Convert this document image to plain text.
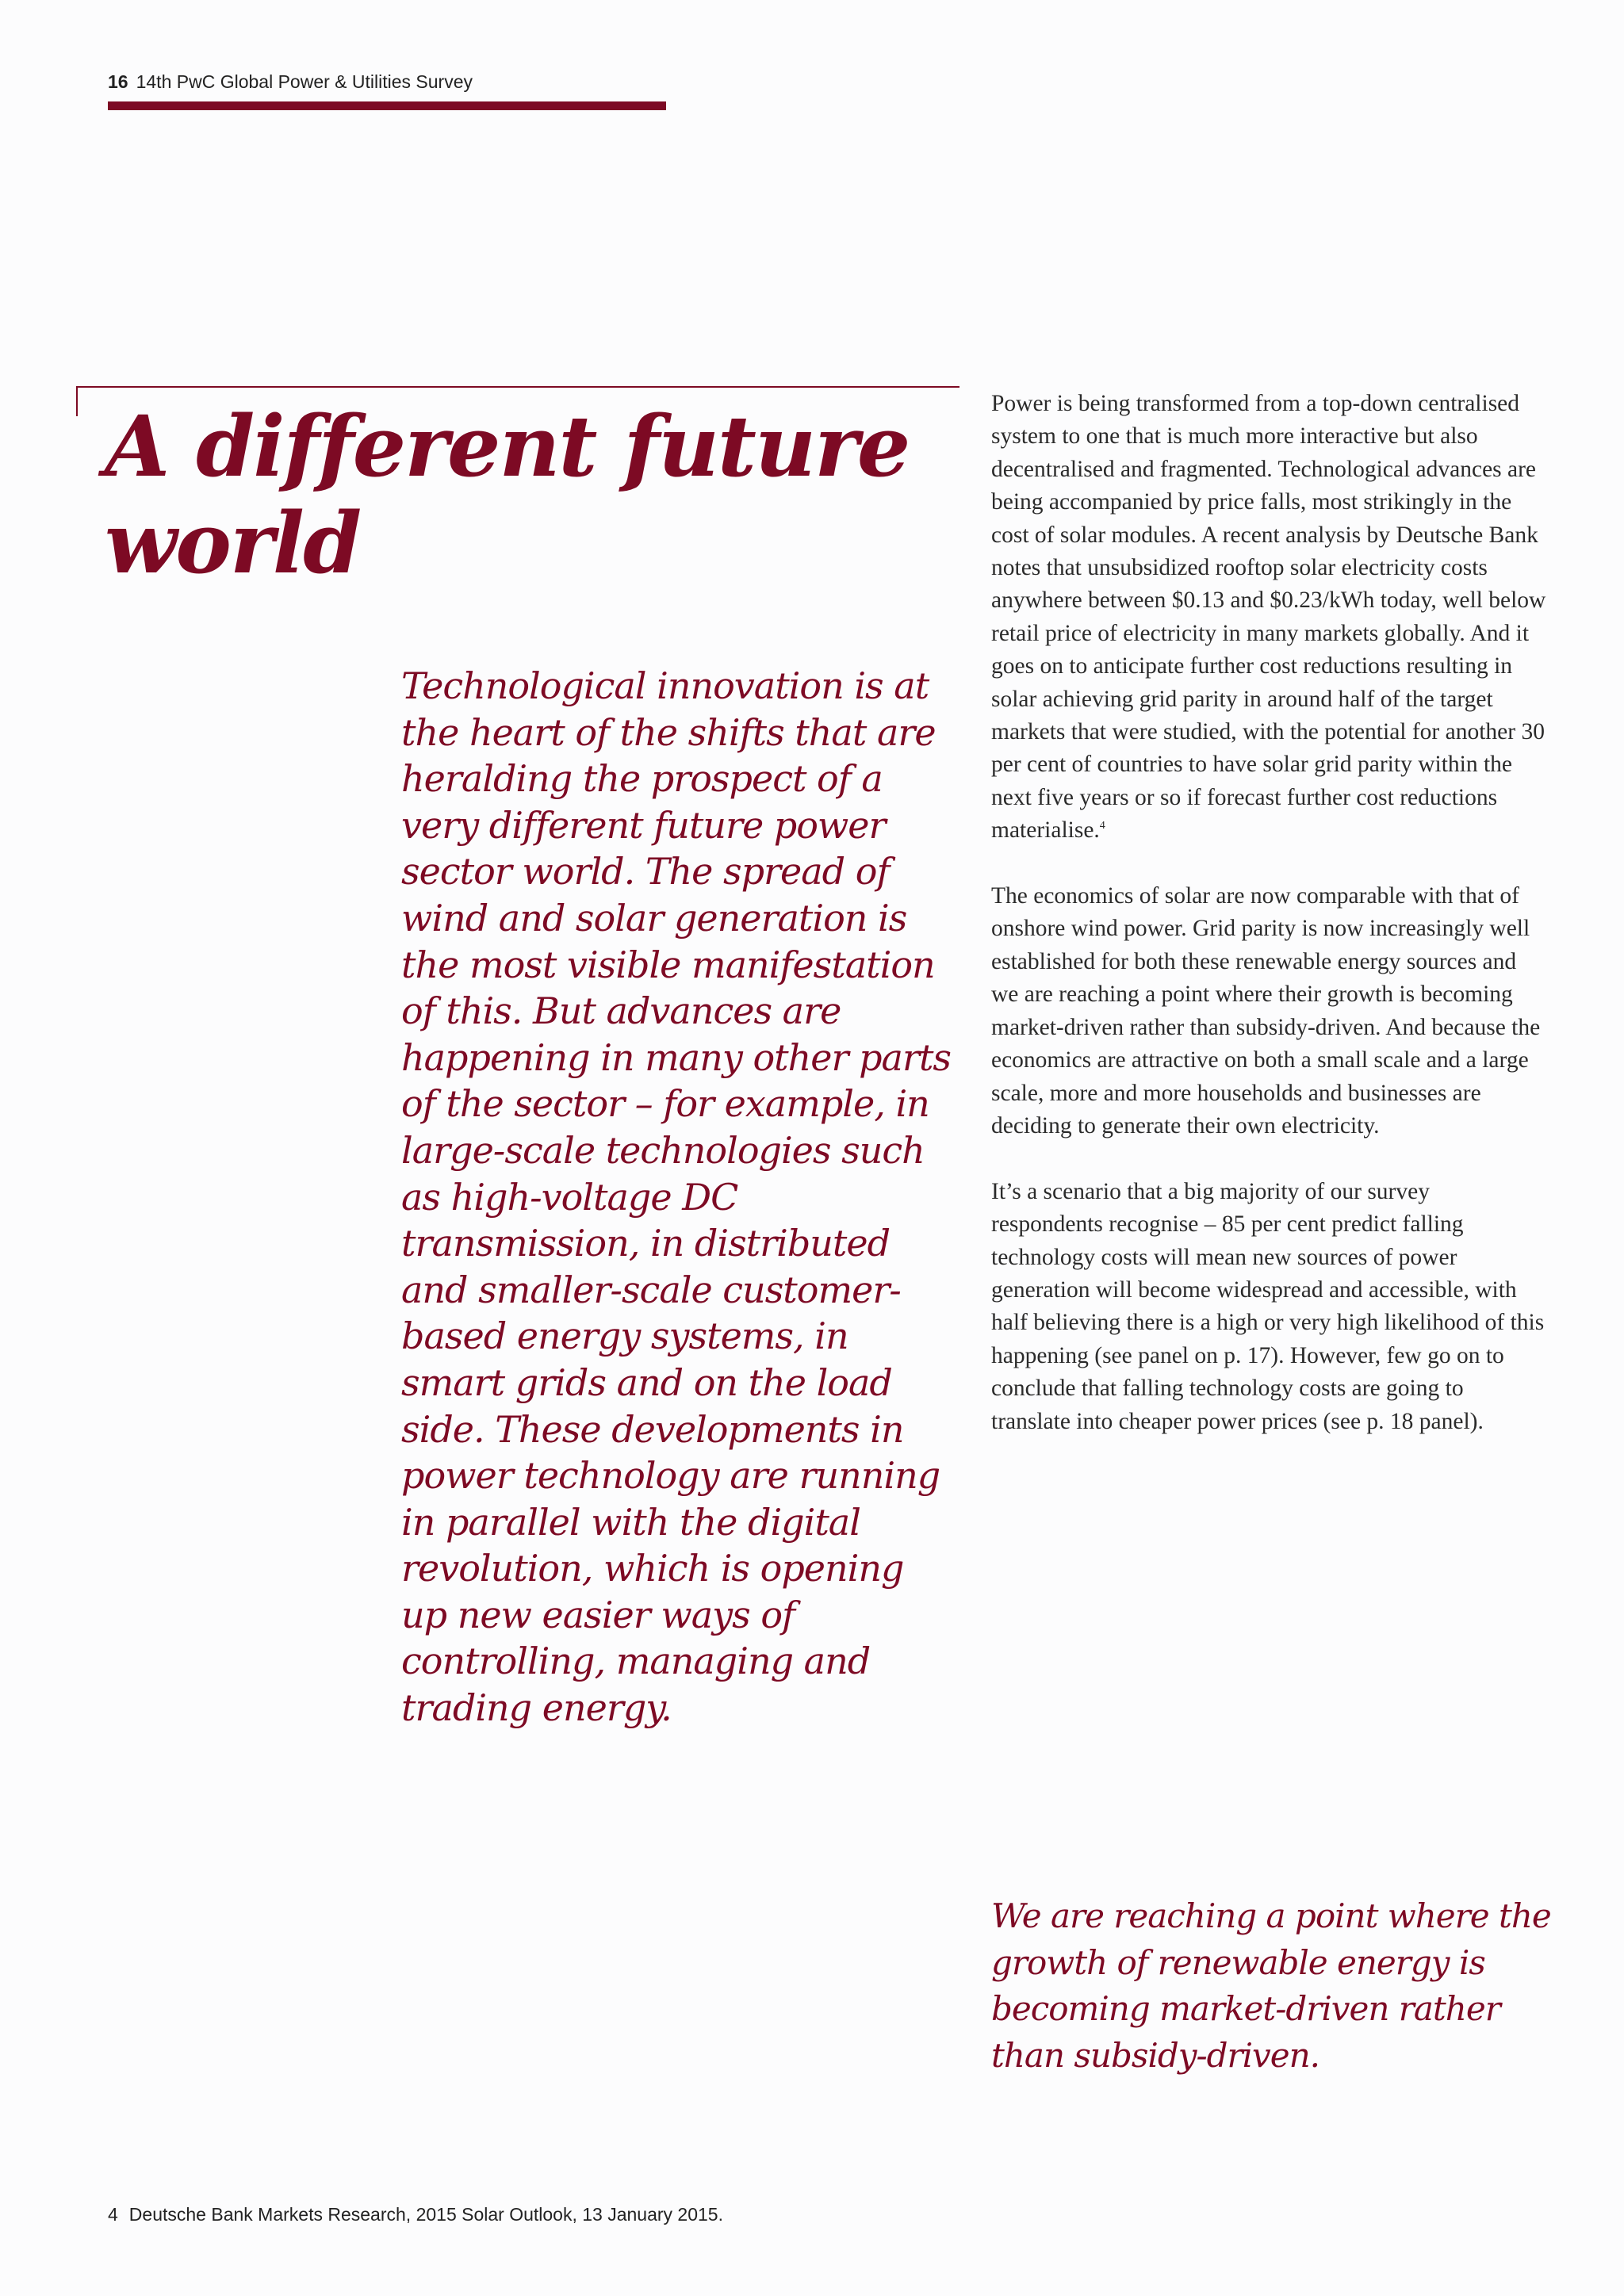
16 14th PwC Global Power & Utilities Survey
A different future
world

Technological innovation is at the heart of the shifts that are heralding the prospect of a very different future power sector world. The spread of wind and solar generation is the most visible manifestation of this. But advances are happening in many other parts of the sector – for example, in large-scale technologies such as high-voltage DC transmission, in distributed and smaller-scale customer-based energy systems, in smart grids and on the load side. These developments in power technology are running in parallel with the digital revolution, which is opening up new easier ways of controlling, managing and trading energy.

Power is being transformed from a top-down centralised system to one that is much more interactive but also decentralised and fragmented. Technological advances are being accompanied by price falls, most strikingly in the cost of solar modules. A recent analysis by Deutsche Bank notes that unsubsidized rooftop solar electricity costs anywhere between $0.13 and $0.23/kWh today, well below retail price of electricity in many markets globally. And it goes on to anticipate further cost reductions resulting in solar achieving grid parity in around half of the target markets that were studied, with the potential for another 30 per cent of countries to have solar grid parity within the next five years or so if forecast further cost reductions materialise.$^4$

The economics of solar are now comparable with that of onshore wind power. Grid parity is now increasingly well established for both these renewable energy sources and we are reaching a point where their growth is becoming market-driven rather than subsidy-driven. And because the economics are attractive on both a small scale and a large scale, more and more households and businesses are deciding to generate their own electricity.

It’s a scenario that a big majority of our survey respondents recognise – 85 per cent predict falling technology costs will mean new sources of power generation will become widespread and accessible, with half believing there is a high or very high likelihood of this happening (see panel on p. 17). However, few go on to conclude that falling technology costs are going to translate into cheaper power prices (see p. 18 panel).

We are reaching a point where the growth of renewable energy is becoming market-driven rather than subsidy-driven.

4 Deutsche Bank Markets Research, 2015 Solar Outlook, 13 January 2015.
